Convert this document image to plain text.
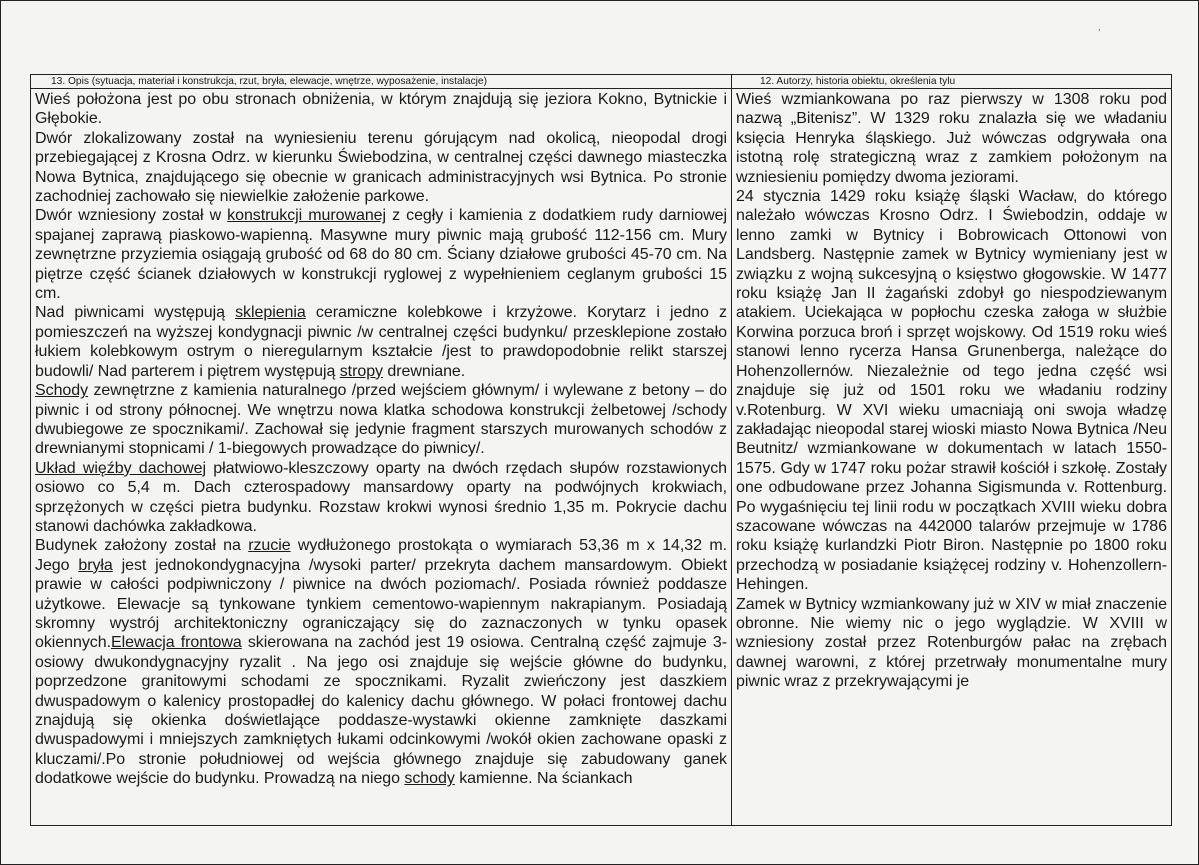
,
13. Opis (sytuacja, materiał i konstrukcja, rzut, bryła, elewacje, wnętrze, wyposażenie, instalacje)

Wieś położona jest po obu stronach obniżenia, w którym znajdują się jeziora Kokno, Bytnickie i Głębokie.

Dwór zlokalizowany został na wyniesieniu terenu górującym nad okolicą, nieopodal drogi przebiegającej z Krosna Odrz. w kierunku Świebodzina, w centralnej części dawnego miasteczka Nowa Bytnica, znajdującego się obecnie w granicach administracyjnych wsi Bytnica. Po stronie zachodniej zachowało się niewielkie założenie parkowe.

Dwór wzniesiony został w konstrukcji murowanej z cegły i kamienia z dodatkiem rudy darniowej spajanej zaprawą piaskowo-wapienną. Masywne mury piwnic mają grubość 112-156 cm. Mury zewnętrzne przyziemia osiągają grubość od 68 do 80 cm. Ściany działowe grubości 45-70 cm. Na piętrze część ścianek działowych w konstrukcji ryglowej z wypełnieniem ceglanym grubości 15 cm.

Nad piwnicami występują sklepienia ceramiczne kolebkowe i krzyżowe. Korytarz i jedno z pomieszczeń na wyższej kondygnacji piwnic /w centralnej części budynku/ przesklepione zostało łukiem kolebkowym ostrym o nieregularnym kształcie /jest to prawdopodobnie relikt starszej budowli/ Nad parterem i piętrem występują stropy drewniane.

Schody zewnętrzne z kamienia naturalnego /przed wejściem głównym/ i wylewane z betony – do piwnic i od strony północnej. We wnętrzu nowa klatka schodowa konstrukcji żelbetowej /schody dwubiegowe ze spocznikami/. Zachował się jedynie fragment starszych murowanych schodów z drewnianymi stopnicami / 1-biegowych prowadzące do piwnicy/.

Układ więźby dachowej płatwiowo-kleszczowy oparty na dwóch rzędach słupów rozstawionych osiowo co 5,4 m. Dach czterospadowy mansardowy oparty na podwójnych krokwiach, sprzężonych w części pietra budynku. Rozstaw krokwi wynosi średnio 1,35 m. Pokrycie dachu stanowi dachówka zakładkowa.

Budynek założony został na rzucie wydłużonego prostokąta o wymiarach 53,36 m x 14,32 m. Jego bryła jest jednokondygnacyjna /wysoki parter/ przekryta dachem mansardowym. Obiekt prawie w całości podpiwniczony / piwnice na dwóch poziomach/. Posiada również poddasze użytkowe. Elewacje są tynkowane tynkiem cementowo-wapiennym nakrapianym. Posiadają skromny wystrój architektoniczny ograniczający się do zaznaczonych w tynku opasek okiennych.Elewacja frontowa skierowana na zachód jest 19 osiowa. Centralną część zajmuje 3-osiowy dwukondygnacyjny ryzalit . Na jego osi znajduje się wejście główne do budynku, poprzedzone granitowymi schodami ze spocznikami. Ryzalit zwieńczony jest daszkiem dwuspadowym o kalenicy prostopadłej do kalenicy dachu głównego. W połaci frontowej dachu znajdują się okienka doświetlające poddasze-wystawki okienne zamknięte daszkami dwuspadowymi i mniejszych zamkniętych łukami odcinkowymi /wokół okien zachowane opaski z kluczami/.Po stronie południowej od wejścia głównego znajduje się zabudowany ganek dodatkowe wejście do budynku. Prowadzą na niego schody kamienne. Na ściankach

12. Autorzy, historia obiektu, określenia tylu

Wieś wzmiankowana po raz pierwszy w 1308 roku pod nazwą „Bitenisz”. W 1329 roku znalazła się we władaniu księcia Henryka śląskiego. Już wówczas odgrywała ona istotną rolę strategiczną wraz z zamkiem położonym na wzniesieniu pomiędzy dwoma jeziorami.

24 stycznia 1429 roku książę śląski Wacław, do którego należało wówczas Krosno Odrz. I Świebodzin, oddaje w lenno zamki w Bytnicy i Bobrowicach Ottonowi von Landsberg. Następnie zamek w Bytnicy wymieniany jest w związku z wojną sukcesyjną o księstwo głogowskie. W 1477 roku książę Jan II żagański zdobył go niespodziewanym atakiem. Uciekająca w popłochu czeska załoga w służbie Korwina porzuca broń i sprzęt wojskowy. Od 1519 roku wieś stanowi lenno rycerza Hansa Grunenberga, należące do Hohenzollernów. Niezależnie od tego jedna część wsi znajduje się już od 1501 roku we władaniu rodziny v.Rotenburg. W XVI wieku umacniają oni swoja władzę zakładając nieopodal starej wioski miasto Nowa Bytnica /Neu Beutnitz/ wzmiankowane w dokumentach w latach 1550- 1575. Gdy w 1747 roku pożar strawił kościół i szkołę. Zostały one odbudowane przez Johanna Sigismunda v. Rottenburg. Po wygaśnięciu tej linii rodu w początkach XVIII wieku dobra szacowane wówczas na 442000 talarów przejmuje w 1786 roku książę kurlandzki Piotr Biron. Następnie po 1800 roku przechodzą w posiadanie książęcej rodziny v. Hohenzollern-Hehingen.

Zamek w Bytnicy wzmiankowany już w XIV w miał znaczenie obronne. Nie wiemy nic o jego wyglądzie. W XVIII w wzniesiony został przez Rotenburgów pałac na zrębach dawnej warowni, z której przetrwały monumentalne mury piwnic wraz z przekrywającymi je
